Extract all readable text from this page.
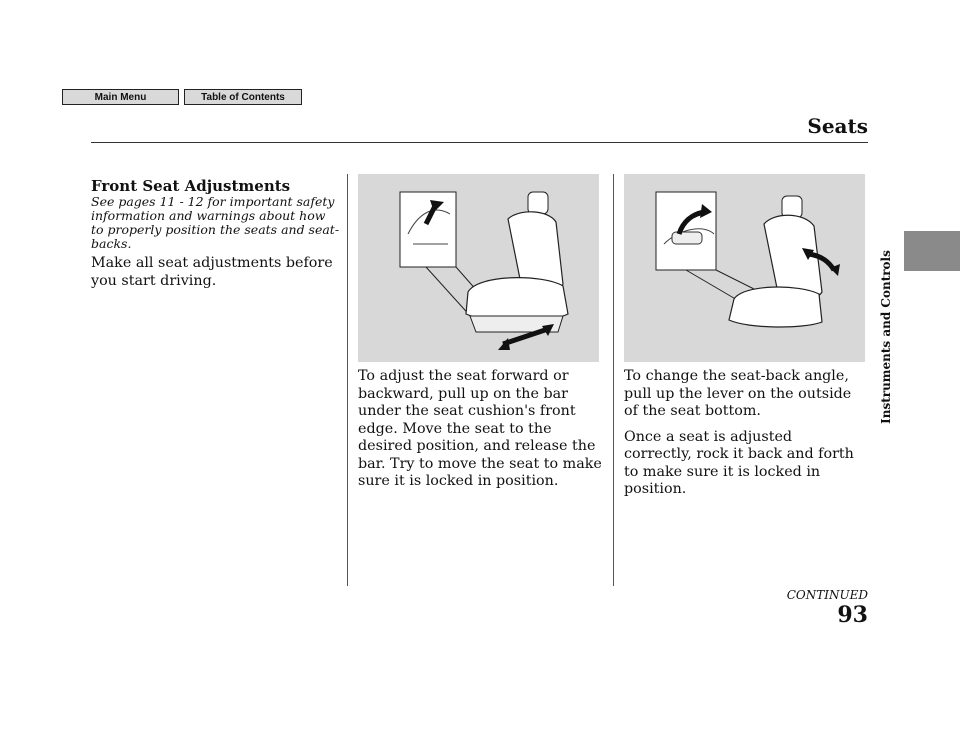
Main Menu	Table of Contents
Seats
Front Seat Adjustments
See pages 11 - 12 for important safety information and warnings about how to properly position the seats and seat-backs.

Make all seat adjustments before you start driving.

To adjust the seat forward or backward, pull up on the bar under the seat cushion's front edge. Move the seat to the desired position, and release the bar. Try to move the seat to make sure it is locked in position.

To change the seat-back angle, pull up the lever on the outside of the seat bottom.

Once a seat is adjusted correctly, rock it back and forth to make sure it is locked in position.

Instruments and Controls
CONTINUED
93
